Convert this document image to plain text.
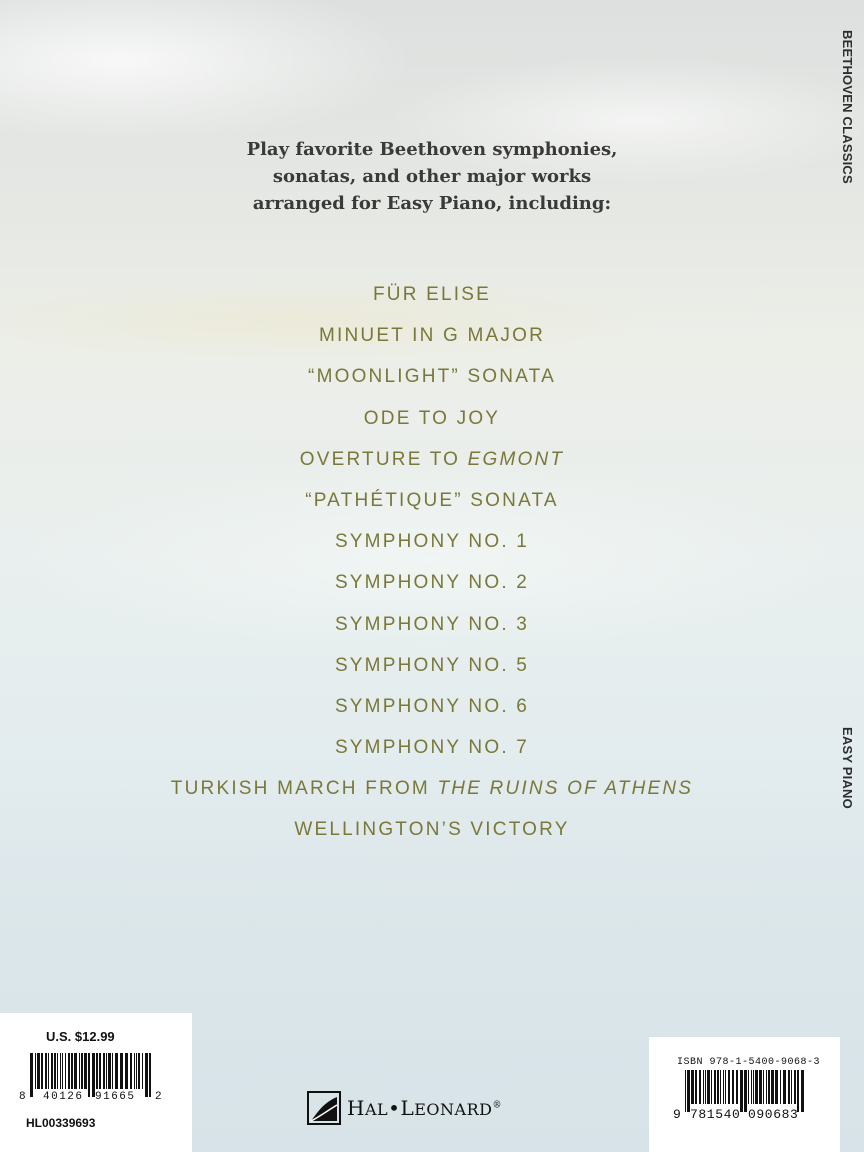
Play favorite Beethoven symphonies,
sonatas, and other major works
arranged for Easy Piano, including:
FÜR ELISE
MINUET IN G MAJOR
“MOONLIGHT” SONATA
ODE TO JOY
OVERTURE TO EGMONT
“PATHÉTIQUE” SONATA
SYMPHONY NO. 1
SYMPHONY NO. 2
SYMPHONY NO. 3
SYMPHONY NO. 5
SYMPHONY NO. 6
SYMPHONY NO. 7
TURKISH MARCH FROM THE RUINS OF ATHENS
WELLINGTON’S VICTORY
BEETHOVEN CLASSICS
EASY PIANO
U.S. $12.99
8 40126 91665 2
HL00339693
HAL•LEONARD®
ISBN 978-1-5400-9068-3
9 781540 090683
